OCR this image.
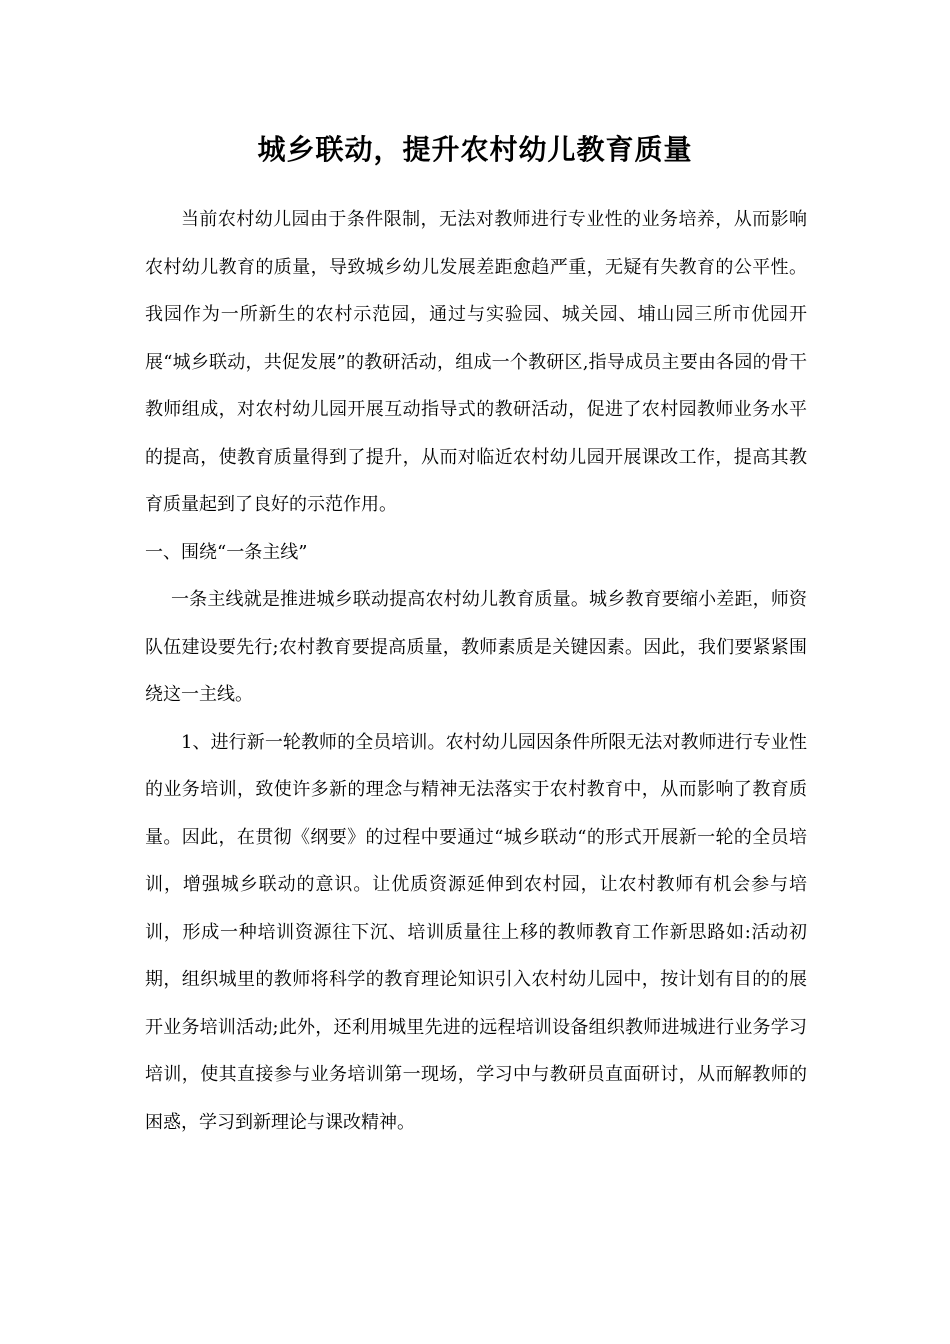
城乡联动，提升农村幼儿教育质量

当前农村幼儿园由于条件限制，无法对教师进行专业性的业务培养，从而影响农村幼儿教育的质量，导致城乡幼儿发展差距愈趋严重，无疑有失教育的公平性。我园作为一所新生的农村示范园，通过与实验园、城关园、埔山园三所市优园开展“城乡联动，共促发展”的教研活动，组成一个教研区,指导成员主要由各园的骨干教师组成，对农村幼儿园开展互动指导式的教研活动，促进了农村园教师业务水平的提高，使教育质量得到了提升，从而对临近农村幼儿园开展课改工作，提高其教育质量起到了良好的示范作用。

一、围绕“一条主线”

一条主线就是推进城乡联动提高农村幼儿教育质量。城乡教育要缩小差距，师资队伍建设要先行;农村教育要提高质量，教师素质是关键因素。因此，我们要紧紧围绕这一主线。

1、进行新一轮教师的全员培训。农村幼儿园因条件所限无法对教师进行专业性的业务培训，致使许多新的理念与精神无法落实于农村教育中，从而影响了教育质量。因此，在贯彻《纲要》的过程中要通过“城乡联动“的形式开展新一轮的全员培训，增强城乡联动的意识。让优质资源延伸到农村园，让农村教师有机会参与培训，形成一种培训资源往下沉、培训质量往上移的教师教育工作新思路如:活动初期，组织城里的教师将科学的教育理论知识引入农村幼儿园中，按计划有目的的展开业务培训活动;此外，还利用城里先进的远程培训设备组织教师进城进行业务学习培训，使其直接参与业务培训第一现场，学习中与教研员直面研讨，从而解教师的困惑，学习到新理论与课改精神。
